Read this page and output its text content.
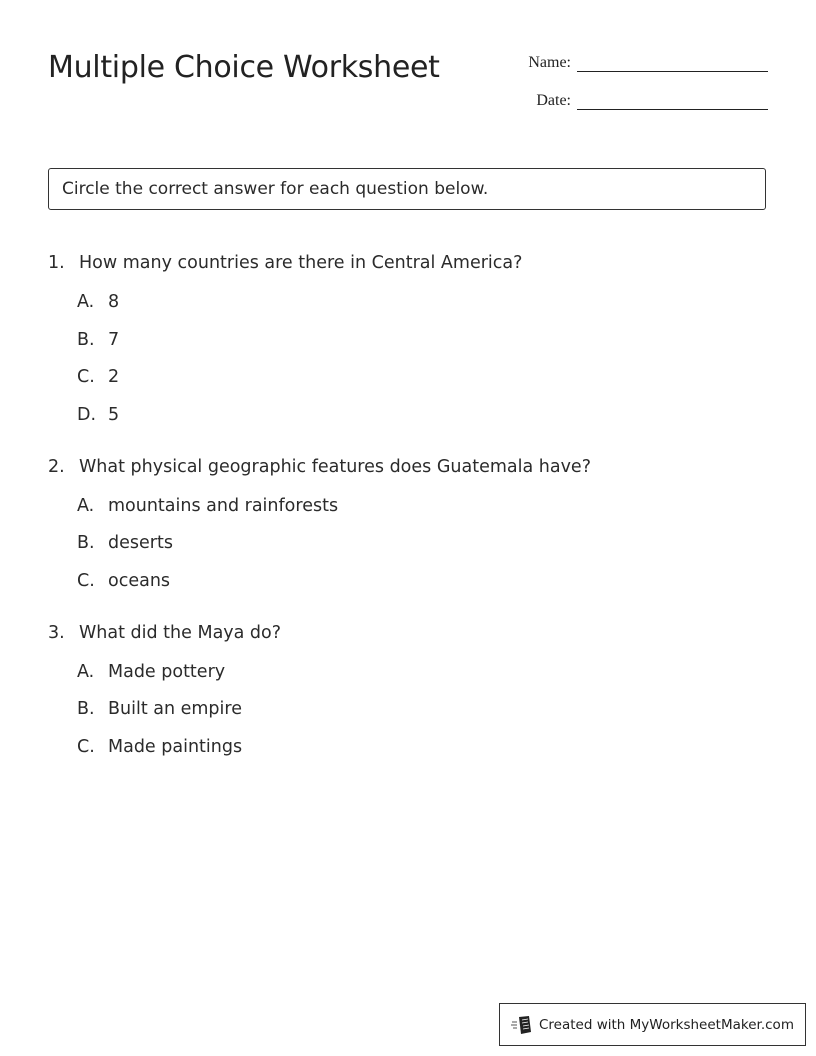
Multiple Choice Worksheet	Name:
Date:
Circle the correct answer for each question below.
1. How many countries are there in Central America?
A. 8
B. 7
C. 2
D. 5
2. What physical geographic features does Guatemala have?
A. mountains and rainforests
B. deserts
C. oceans
3. What did the Maya do?
A. Made pottery
B. Built an empire
C. Made paintings
Created with MyWorksheetMaker.com
